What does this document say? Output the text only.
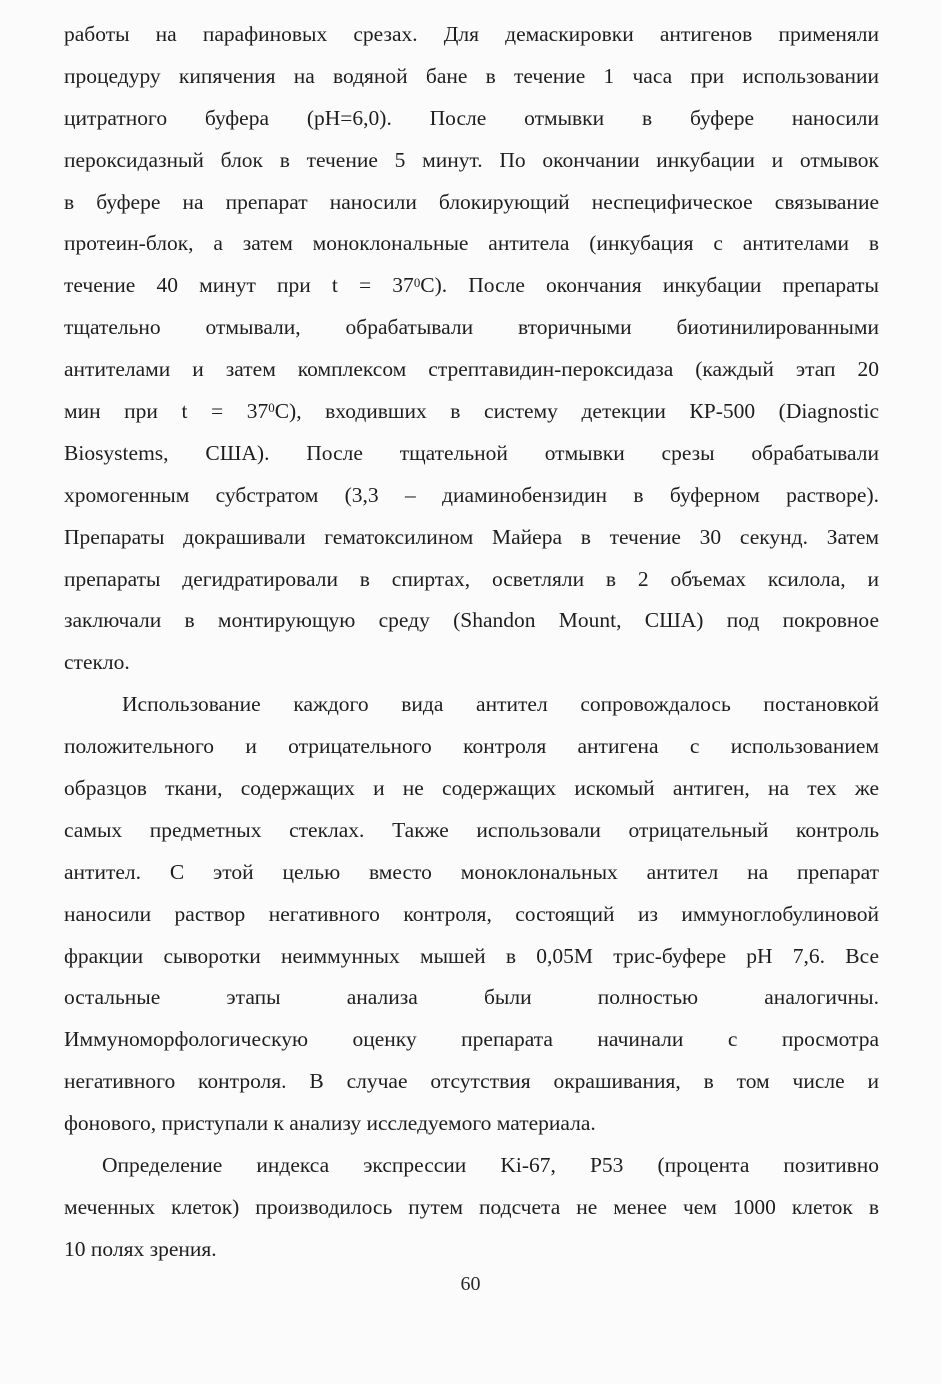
работы на парафиновых срезах. Для демаскировки антигенов применяли
процедуру кипячения на водяной бане в течение 1 часа при использовании
цитратного буфера (pH=6,0). После отмывки в буфере наносили
пероксидазный блок в течение 5 минут. По окончании инкубации и отмывок
в буфере на препарат наносили блокирующий неспецифическое связывание
протеин-блок, а затем моноклональные антитела (инкубация с антителами в
течение 40 минут при $t = 37^0С$). После окончания инкубации препараты
тщательно отмывали, обрабатывали вторичными биотинилированными
антителами и затем комплексом стрептавидин-пероксидаза (каждый этап 20
мин при $t = 37^0С$), входивших в систему детекции КР-500 (Diagnostic
Biosystems, США). После тщательной отмывки срезы обрабатывали
хромогенным субстратом (3,3 – диаминобензидин в буферном растворе).
Препараты докрашивали гематоксилином Майера в течение 30 секунд. Затем
препараты дегидратировали в спиртах, осветляли в 2 объемах ксилола, и
заключали в монтирующую среду (Shandon Mount, США) под покровное
стекло.
Использование каждого вида антител сопровождалось постановкой
положительного и отрицательного контроля антигена с использованием
образцов ткани, содержащих и не содержащих искомый антиген, на тех же
самых предметных стеклах. Также использовали отрицательный контроль
антител. С этой целью вместо моноклональных антител на препарат
наносили раствор негативного контроля, состоящий из иммуноглобулиновой
фракции сыворотки неиммунных мышей в 0,05М трис-буфере pH 7,6. Все
остальные этапы анализа были полностью аналогичны.
Иммуноморфологическую оценку препарата начинали с просмотра
негативного контроля. В случае отсутствия окрашивания, в том числе и
фонового, приступали к анализу исследуемого материала.
Определение индекса экспрессии Ki-67, Р53 (процента позитивно
меченных клеток) производилось путем подсчета не менее чем 1000 клеток в
10 полях зрения.
60
